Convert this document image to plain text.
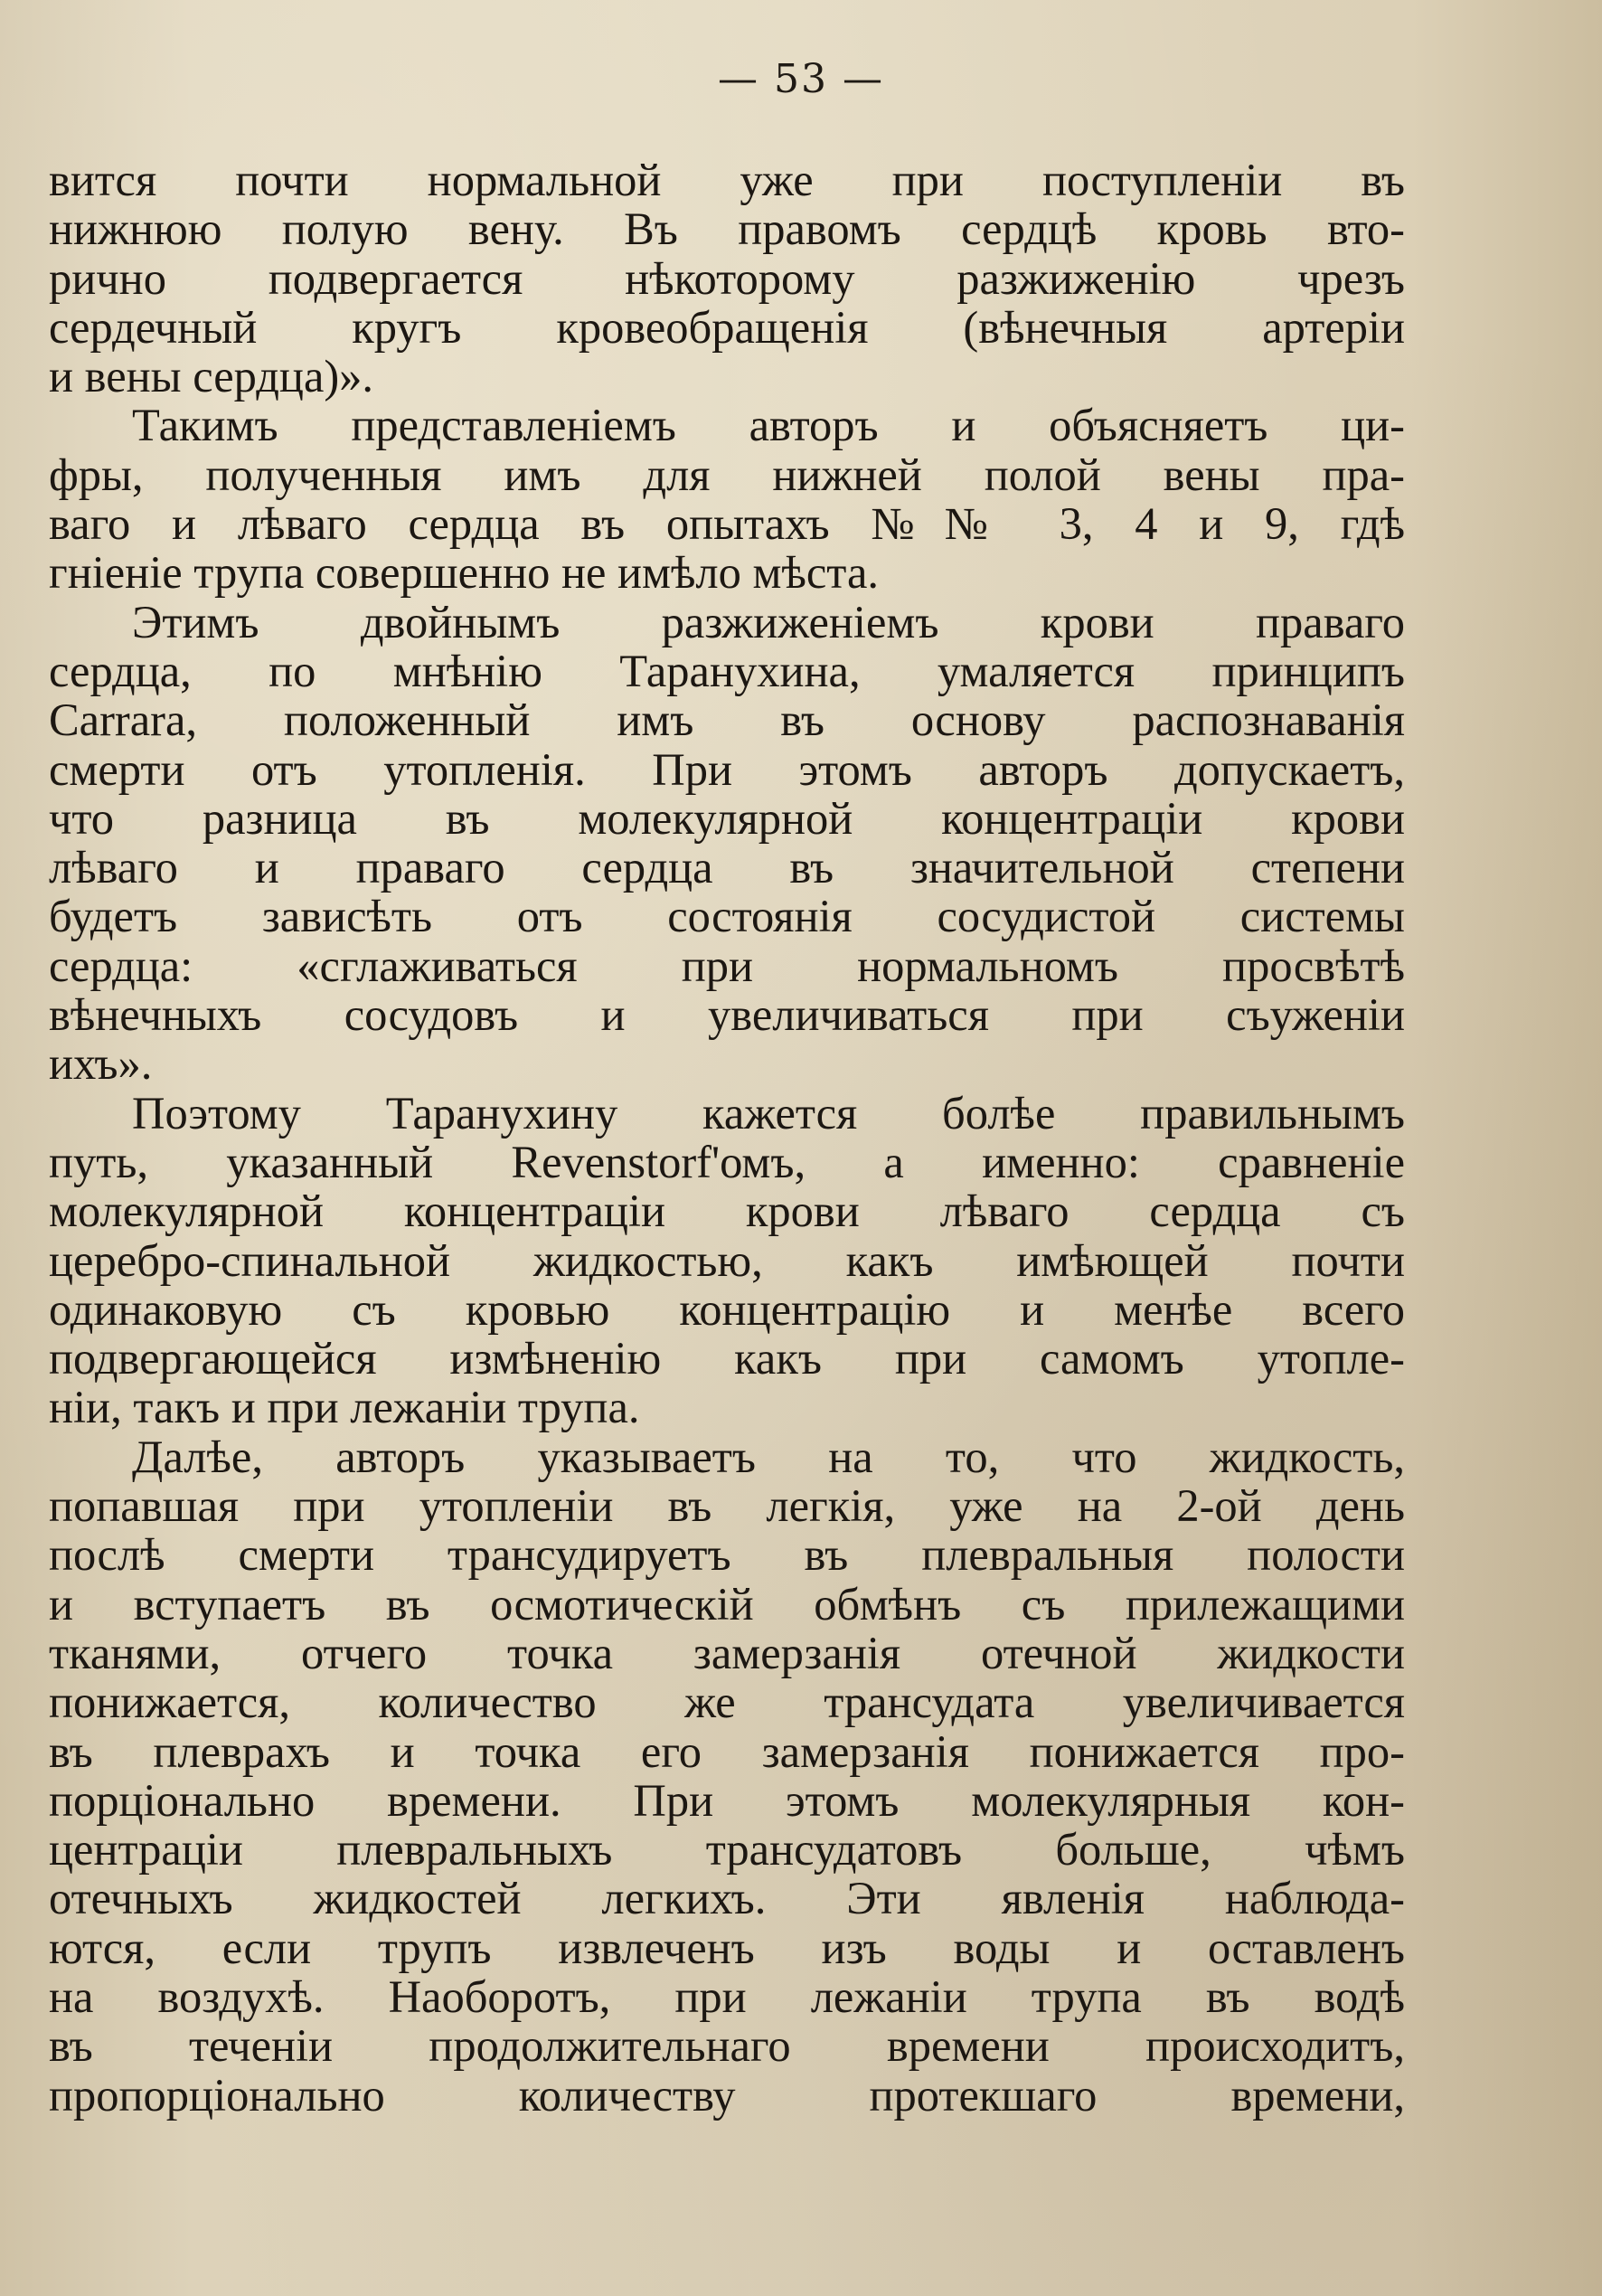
— 53 —
вится почти нормальной уже при поступленіи въ
нижнюю полую вену. Въ правомъ сердцѣ кровь вто-
рично подвергается нѣкоторому разжиженію чрезъ
сердечный кругъ кровеобращенія (вѣнечныя артеріи
и вены сердца)».
Такимъ представленіемъ авторъ и объясняетъ ци-
фры, полученныя имъ для нижней полой вены пра-
ваго и лѣваго сердца въ опытахъ №№ 3, 4 и 9, гдѣ
гніеніе трупа совершенно не имѣло мѣста.
Этимъ двойнымъ разжиженіемъ крови праваго
сердца, по мнѣнію Таранухина, умаляется принципъ
Carrara, положенный имъ въ основу распознаванія
смерти отъ утопленія. При этомъ авторъ допускаетъ,
что разница въ молекулярной концентраціи крови
лѣваго и праваго сердца въ значительной степени
будетъ зависѣть отъ состоянія сосудистой системы
сердца: «сглаживаться при нормальномъ просвѣтѣ
вѣнечныхъ сосудовъ и увеличиваться при съуженіи
ихъ».
Поэтому Таранухину кажется болѣе правильнымъ
путь, указанный Revenstorf'омъ, а именно: сравненіе
молекулярной концентраціи крови лѣваго сердца съ
церебро-спинальной жидкостью, какъ имѣющей почти
одинаковую съ кровью концентрацію и менѣе всего
подвергающейся измѣненію какъ при самомъ утопле-
ніи, такъ и при лежаніи трупа.
Далѣе, авторъ указываетъ на то, что жидкость,
попавшая при утопленіи въ легкія, уже на 2-ой день
послѣ смерти трансудируетъ въ плевральныя полости
и вступаетъ въ осмотическій обмѣнъ съ прилежащими
тканями, отчего точка замерзанія отечной жидкости
понижается, количество же трансудата увеличивается
въ плеврахъ и точка его замерзанія понижается про-
порціонально времени. При этомъ молекулярныя кон-
центраціи плевральныхъ трансудатовъ больше, чѣмъ
отечныхъ жидкостей легкихъ. Эти явленія наблюда-
ются, если трупъ извлеченъ изъ воды и оставленъ
на воздухѣ. Наоборотъ, при лежаніи трупа въ водѣ
въ теченіи продолжительнаго времени происходитъ,
пропорціонально количеству протекшаго времени,
